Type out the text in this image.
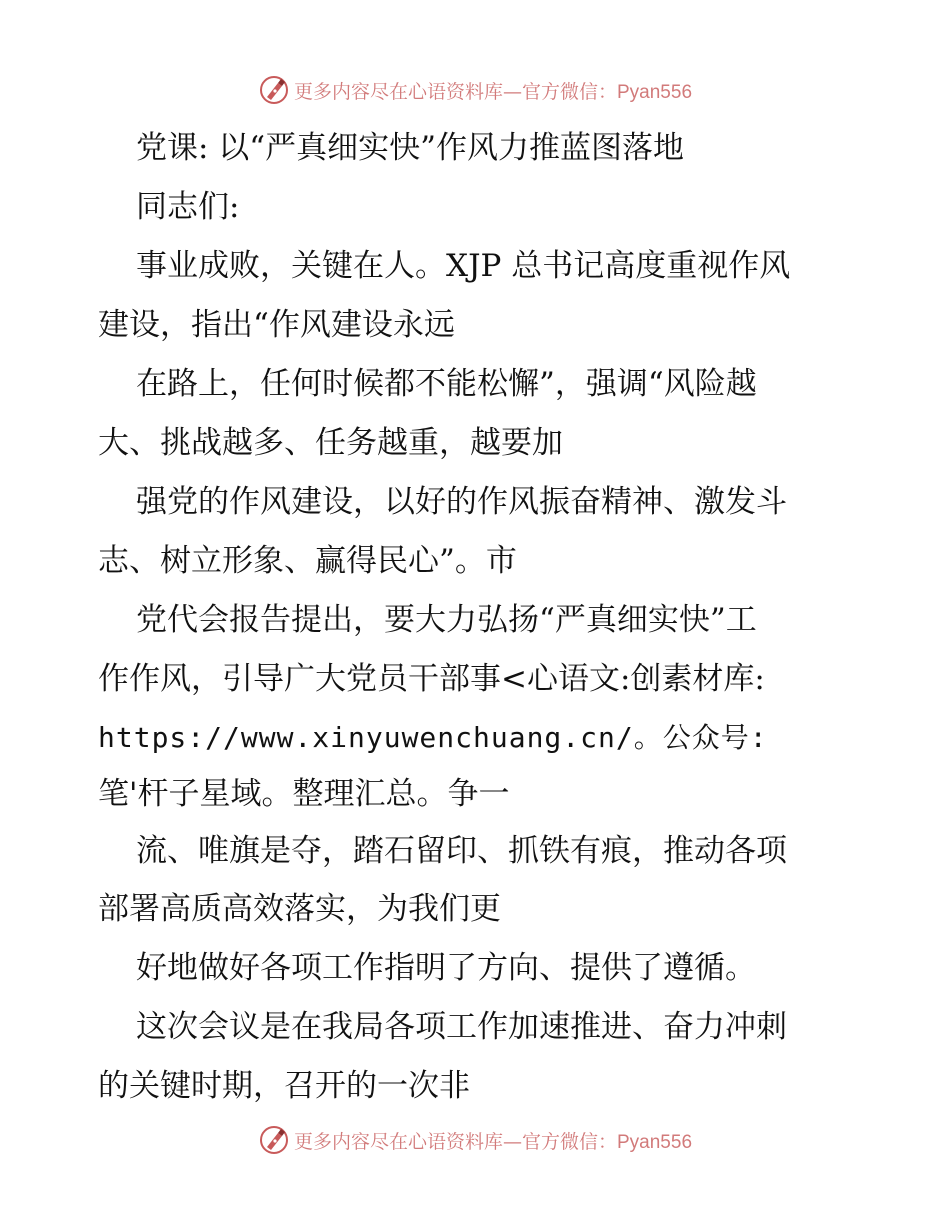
更多内容尽在心语资料库—官方微信：Pyan556
党课: 以“严真细实快”作风力推蓝图落地
同志们:
事业成败，关键在人。XJP 总书记高度重视作风
建设，指出“作风建设永远
在路上，任何时候都不能松懈”，强调“风险越
大、挑战越多、任务越重，越要加
强党的作风建设，以好的作风振奋精神、激发斗
志、树立形象、赢得民心”。市
党代会报告提出，要大力弘扬“严真细实快”工
作作风，引导广大党员干部事<心语文:创素材库:
https://www.xinyuwenchuang.cn/。公众号:
笔'杆子星域。整理汇总。争一
流、唯旗是夺，踏石留印、抓铁有痕，推动各项
部署高质高效落实，为我们更
好地做好各项工作指明了方向、提供了遵循。
这次会议是在我局各项工作加速推进、奋力冲刺
的关键时期，召开的一次非
更多内容尽在心语资料库—官方微信：Pyan556
